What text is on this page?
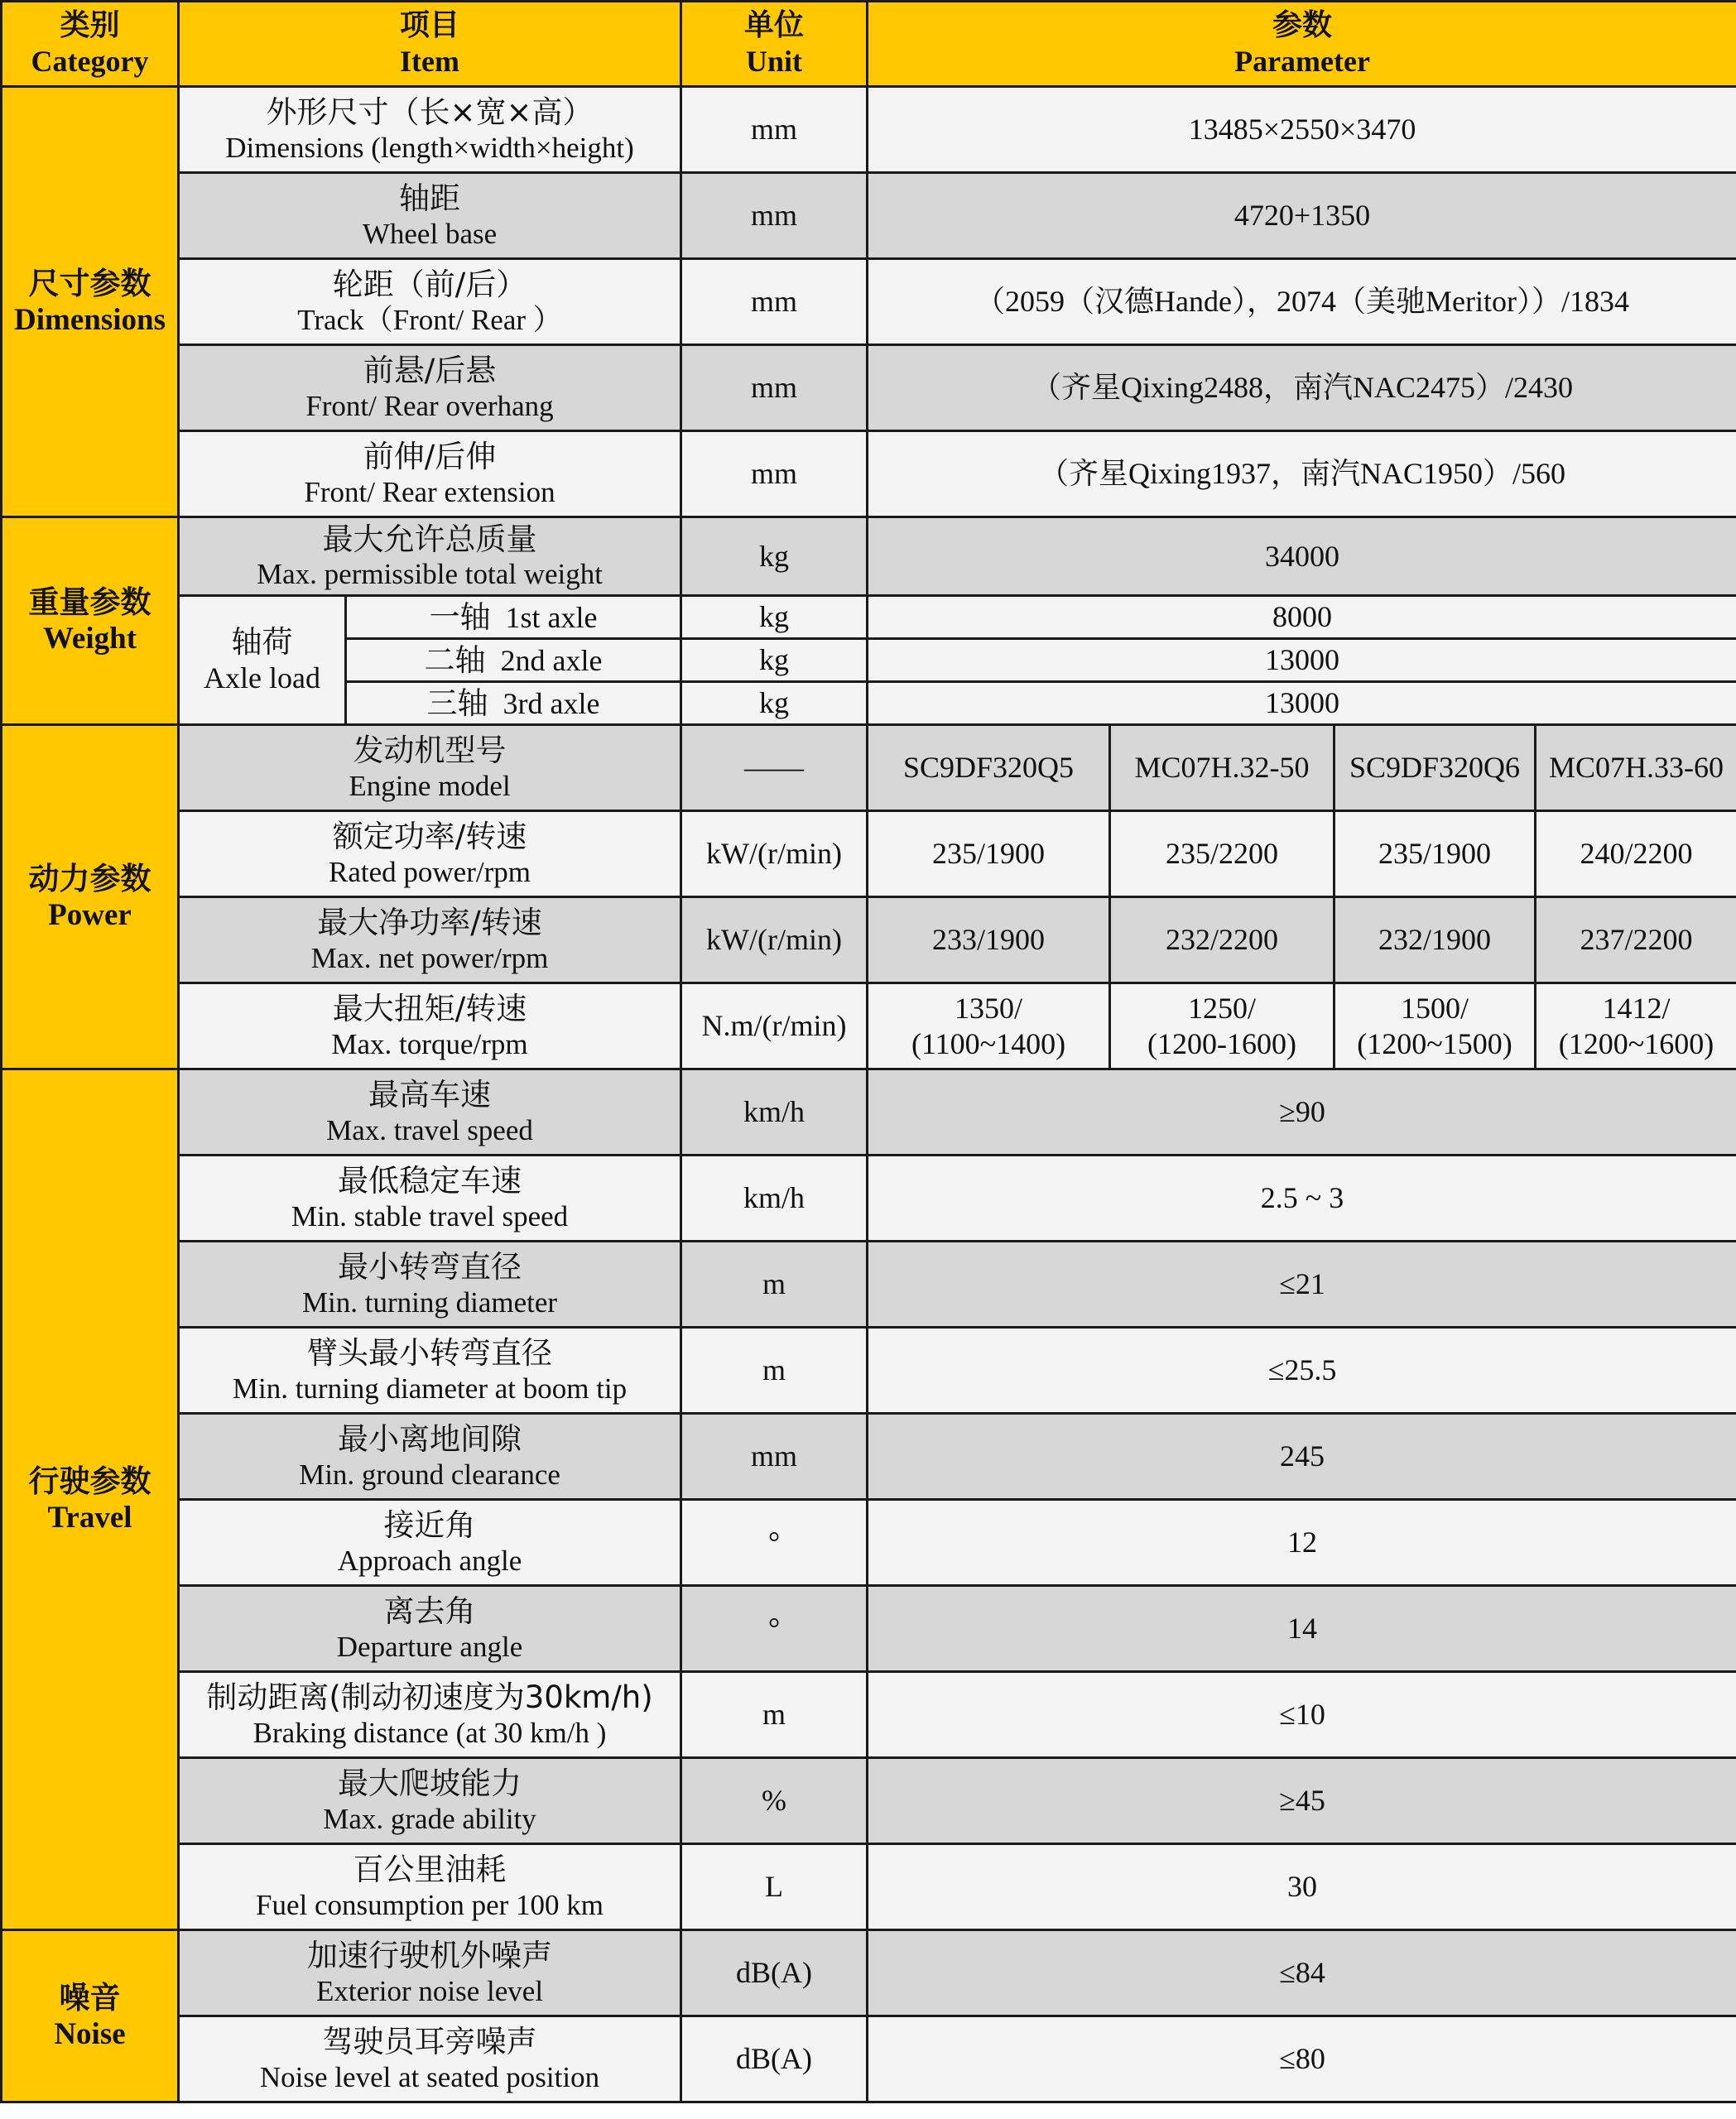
类别
Category	项目
Item		单位
Unit	参数
Parameter			

尺寸参数
Dimensions	外形尺寸（长×宽×高）
Dimensions (length×width×height)		mm	13485×2550×3470			

	轴距
Wheel base		mm	4720+1350			

	轮距（前/后）
Track（Front/ Rear ）		mm	（2059（汉德Hande），2074（美驰Meritor））/1834			

	前悬/后悬
Front/ Rear overhang		mm	（齐星Qixing2488，南汽NAC2475）/2430			

	前伸/后伸
Front/ Rear extension		mm	（齐星Qixing1937，南汽NAC1950）/560			

重量参数
Weight	最大允许总质量
Max. permissible total weight		kg	34000			

	轴荷
Axle load	一轴 1st axle	kg	8000			
		二轴 2nd axle	kg	13000			
		三轴 3rd axle	kg	13000			

动力参数
Power	发动机型号
Engine model		——	SC9DF320Q5	MC07H.32-50	SC9DF320Q6	MC07H.33-60

	额定功率/转速
Rated power/rpm		kW/(r/min)	235/1900	235/2200	235/1900	240/2200

	最大净功率/转速
Max. net power/rpm		kW/(r/min)	233/1900	232/2200	232/1900	237/2200

	最大扭矩/转速
Max. torque/rpm		N.m/(r/min)	1350/
(1100~1400)	1250/
(1200-1600)	1500/
(1200~1500)	1412/
(1200~1600)

行驶参数
Travel	最高车速
Max. travel speed		km/h	≥90			

	最低稳定车速
Min. stable travel speed		km/h	2.5 ~ 3			

	最小转弯直径
Min. turning diameter		m	≤21			

	臂头最小转弯直径
Min. turning diameter at boom tip		m	≤25.5			

	最小离地间隙
Min. ground clearance		mm	245			

	接近角
Approach angle		°	12			

	离去角
Departure angle		°	14			

	制动距离(制动初速度为30km/h)
Braking distance (at 30 km/h )		m	≤10			

	最大爬坡能力
Max. grade ability		%	≥45			

	百公里油耗
Fuel consumption per 100 km		L	30			

噪音
Noise	加速行驶机外噪声
Exterior noise level		dB(A)	≤84			

	驾驶员耳旁噪声
Noise level at seated position		dB(A)	≤80			
